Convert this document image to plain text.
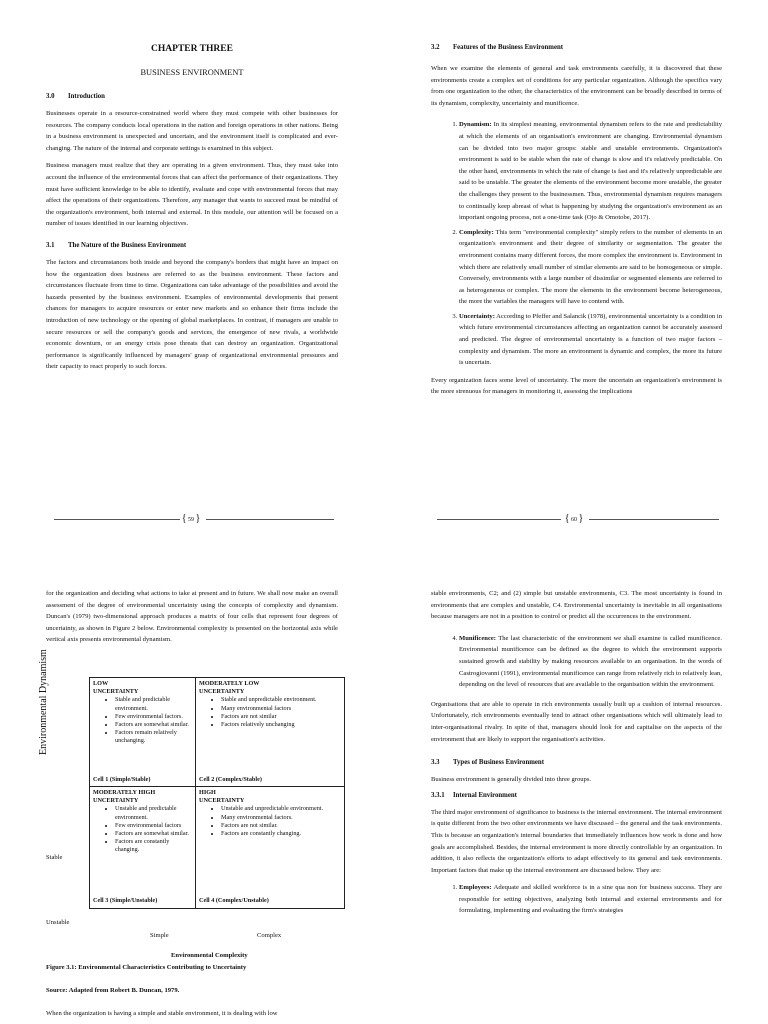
CHAPTER THREE

BUSINESS ENVIRONMENT

3.0 Introduction

Businesses operate in a resource-constrained world where they must compete with other businesses for resources. The company conducts local operations in the nation and foreign operations in other nations. Being in a business environment is unexpected and uncertain, and the environment itself is complicated and ever-changing. The nature of the internal and corporate settings is examined in this subject.

Business managers must realize that they are operating in a given environment. Thus, they must take into account the influence of the environmental forces that can affect the performance of their organizations. They must have sufficient knowledge to be able to identify, evaluate and cope with environmental forces that may affect the operations of their organizations. Therefore, any manager that wants to succeed must be mindful of the organization's environment, both internal and external. In this module, our attention will be focused on a number of issues identified in our learning objectives.

3.1 The Nature of the Business Environment

The factors and circumstances both inside and beyond the company's borders that might have an impact on how the organization does business are referred to as the business environment. These factors and circumstances fluctuate from time to time. Organizations can take advantage of the possibilities and avoid the hazards presented by the business environment. Examples of environmental developments that present chances for managers to acquire resources or enter new markets and so enhance their firms include the introduction of new technology or the opening of global marketplaces. In contrast, if managers are unable to secure resources or sell the company's goods and services, the emergence of new rivals, a worldwide economic downturn, or an energy crisis pose threats that can destroy an organization. Organizational performance is significantly influenced by managers' grasp of organizational environmental pressures and their capacity to react properly to such forces.

{ 59 }

3.2 Features of the Business Environment

When we examine the elements of general and task environments carefully, it is discovered that these environments create a complex set of conditions for any particular organization. Although the specifics vary from one organization to the other, the characteristics of the environment can be broadly described in terms of its dynamism, complexity, uncertainty and munificence.

1. Dynamism: In its simplest meaning, environmental dynamism refers to the rate and predictability at which the elements of an organisation's environment are changing. Environmental dynamism can be divided into two major groups: stable and unstable environments. Organization's environment is said to be stable when the rate of change is slow and it's relatively predictable. On the other hand, environments in which the rate of change is fast and it's relatively unpredictable are said to be unstable. The greater the elements of the environment become more unstable, the greater the challenges they present to the businessmen. Thus, environmental dynamism requires managers to continually keep abreast of what is happening by studying the organization's environment as an important ongoing process, not a one-time task (Ojo & Omotobe, 2017).
2. Complexity: This term "environmental complexity" simply refers to the number of elements in an organization's environment and their degree of similarity or segmentation. The greater the environment contains many different forces, the more complex the environment is. Environment in which there are relatively small number of similar elements are said to be homogeneous or simple. Conversely, environments with a large number of dissimilar or segmented elements are referred to as heterogeneous or complex. The more the elements in the environment become heterogeneous, the more the variables the managers will have to contend with.
3. Uncertainty: According to Pfeffer and Salancik (1978), environmental uncertainty is a condition in which future environmental circumstances affecting an organization cannot be accurately assessed and predicted. The degree of environmental uncertainty is a function of two major factors – complexity and dynamism. The more an environment is dynamic and complex, the more its future is uncertain.

Every organization faces some level of uncertainty. The more the uncertain an organization's environment is the more strenuous for managers in monitoring it, assessing the implications

{ 60 }

for the organization and deciding what actions to take at present and in future. We shall now make an overall assessment of the degree of environmental uncertainty using the concepts of complexity and dynamism. Duncan's (1979) two-dimensional approach produces a matrix of four cells that represent four degrees of uncertainty, as shown in Figure 2 below. Environmental complexity is presented on the horizontal axis while vertical axis presents environmental dynamism.

Environmental Dynamism
Stable
LOW
UNCERTAINTY
• Stable and predictable environment.
• Few environmental factors.
• Factors are somewhat similar.
• Factors remain relatively unchanging.
Cell 1 (Simple/Stable)
MODERATELY LOW
UNCERTAINTY
• Stable and unpredictable environment.
• Many environmental factors
• Factors are not similar
• Factors relatively unchanging
Cell 2 (Complex/Stable)
MODERATELY HIGH
UNCERTAINTY
• Unstable and predictable environment.
• Few environmental factors
• Factors are somewhat similar.
• Factors are constantly changing.
Cell 3 (Simple/Unstable)
HIGH
UNCERTAINTY
• Unstable and unpredictable environment.
• Many environmental factors.
• Factors are not similar.
• Factors are constantly changing.
Cell 4 (Complex/Unstable)
Unstable
Simple	Complex
Environmental Complexity
Figure 3.1: Environmental Characteristics Contributing to Uncertainty
Source: Adapted from Robert B. Duncan, 1979.
When the organization is having a simple and stable environment, it is dealing with low

stable environments, C2; and (2) simple but unstable environments, C3. The most uncertainty is found in environments that are complex and unstable, C4. Environmental uncertainty is inevitable in all organisations because managers are not in a position to control or predict all the occurrences in the environment.

4. Munificence: The last characteristic of the environment we shall examine is called munificence. Environmental munificence can be defined as the degree to which the environment supports sustained growth and stability by making resources available to an organisation. In the words of Castrogiovanni (1991), environmental munificence can range from relatively rich to relatively lean, depending on the level of resources that are available to the organisation within the environment.

Organisations that are able to operate in rich environments usually built up a cushion of internal resources. Unfortunately, rich environments eventually tend to attract other organisations which will ultimately lead to inter-organisational rivalry. In spite of that, managers should look for and capitalise on the aspects of the environment that are likely to support the organisation's activities.

3.3 Types of Business Environment

Business environment is generally divided into three groups.

3.3.1 Internal Environment

The third major environment of significance to business is the internal environment. The internal environment is quite different from the two other environments we have discussed – the general and the task environments. This is because an organization's internal boundaries that immediately influences how work is done and how goals are accomplished. Besides, the internal environment is more directly controllable by an organization. In addition, it also reflects the organization's efforts to adapt effectively to its general and task environments. Important factors that make up the internal environment are discussed below. They are:

1. Employees: Adequate and skilled workforce is in a sine qua non for business success. They are responsible for setting objectives, analyzing both internal and external environments and for formulating, implementing and evaluating the firm's strategies
